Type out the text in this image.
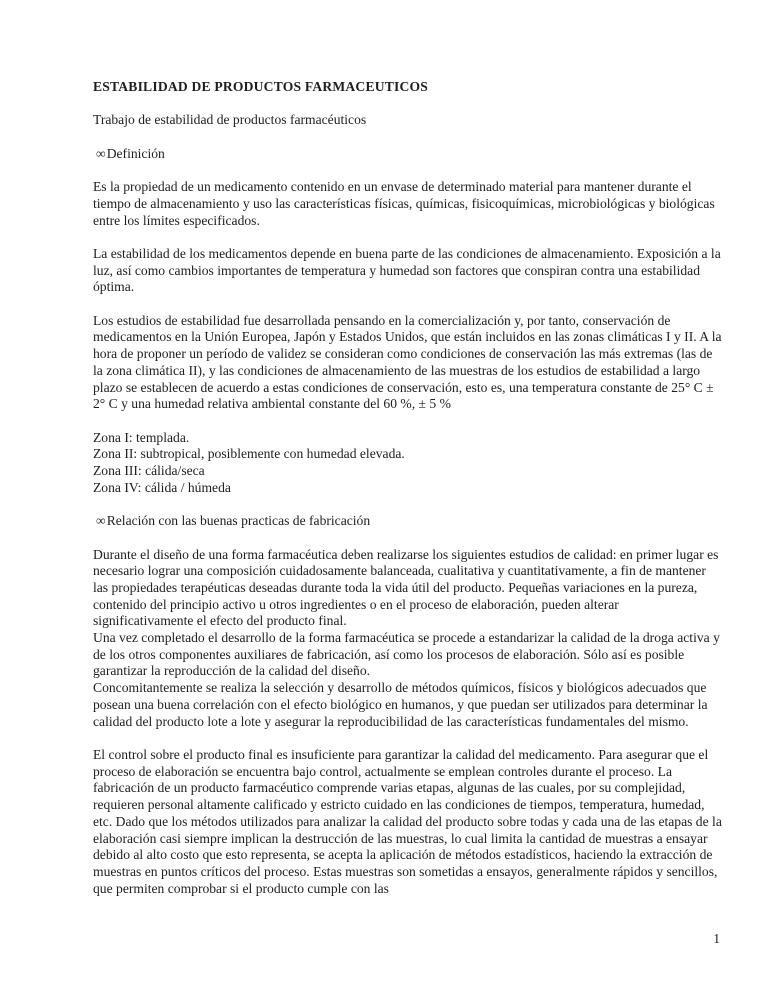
ESTABILIDAD DE PRODUCTOS FARMACEUTICOS

Trabajo de estabilidad de productos farmacéuticos

∞Definición

Es la propiedad de un medicamento contenido en un envase de determinado material para mantener durante el tiempo de almacenamiento y uso las características físicas, químicas, fisicoquímicas, microbiológicas y biológicas entre los límites especificados.

La estabilidad de los medicamentos depende en buena parte de las condiciones de almacenamiento. Exposición a la luz, así como cambios importantes de temperatura y humedad son factores que conspiran contra una estabilidad óptima.

Los estudios de estabilidad fue desarrollada pensando en la comercialización y, por tanto, conservación de medicamentos en la Unión Europea, Japón y Estados Unidos, que están incluidos en las zonas climáticas I y II. A la hora de proponer un período de validez se consideran como condiciones de conservación las más extremas (las de la zona climática II), y las condiciones de almacenamiento de las muestras de los estudios de estabilidad a largo plazo se establecen de acuerdo a estas condiciones de conservación, esto es, una temperatura constante de 25° C ± 2° C y una humedad relativa ambiental constante del 60 %, ± 5 %

Zona I: templada.
Zona II: subtropical, posiblemente con humedad elevada.
Zona III: cálida/seca
Zona IV: cálida / húmeda

∞Relación con las buenas practicas de fabricación

Durante el diseño de una forma farmacéutica deben realizarse los siguientes estudios de calidad: en primer lugar es necesario lograr una composición cuidadosamente balanceada, cualitativa y cuantitativamente, a fin de mantener las propiedades terapéuticas deseadas durante toda la vida útil del producto. Pequeñas variaciones en la pureza, contenido del principio activo u otros ingredientes o en el proceso de elaboración, pueden alterar significativamente el efecto del producto final.

Una vez completado el desarrollo de la forma farmacéutica se procede a estandarizar la calidad de la droga activa y de los otros componentes auxiliares de fabricación, así como los procesos de elaboración. Sólo así es posible garantizar la reproducción de la calidad del diseño.

Concomitantemente se realiza la selección y desarrollo de métodos químicos, físicos y biológicos adecuados que posean una buena correlación con el efecto biológico en humanos, y que puedan ser utilizados para determinar la calidad del producto lote a lote y asegurar la reproducibilidad de las características fundamentales del mismo.

El control sobre el producto final es insuficiente para garantizar la calidad del medicamento. Para asegurar que el proceso de elaboración se encuentra bajo control, actualmente se emplean controles durante el proceso. La fabricación de un producto farmacéutico comprende varias etapas, algunas de las cuales, por su complejidad, requieren personal altamente calificado y estricto cuidado en las condiciones de tiempos, temperatura, humedad, etc. Dado que los métodos utilizados para analizar la calidad del producto sobre todas y cada una de las etapas de la elaboración casi siempre implican la destrucción de las muestras, lo cual limita la cantidad de muestras a ensayar debido al alto costo que esto representa, se acepta la aplicación de métodos estadísticos, haciendo la extracción de muestras en puntos críticos del proceso. Estas muestras son sometidas a ensayos, generalmente rápidos y sencillos, que permiten comprobar si el producto cumple con las

1
